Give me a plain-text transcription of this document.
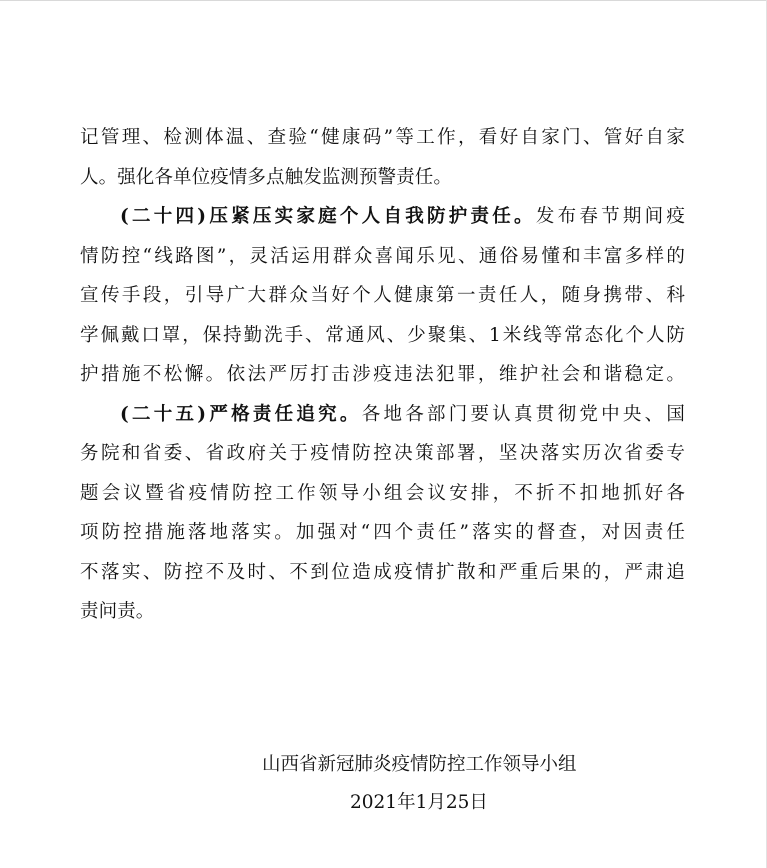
记管理、检测体温、查验“健康码”等工作，看好自家门、管好自家
人。强化各单位疫情多点触发监测预警责任。
(二十四)压紧压实家庭个人自我防护责任。发布春节期间疫
情防控“线路图”，灵活运用群众喜闻乐见、通俗易懂和丰富多样的
宣传手段，引导广大群众当好个人健康第一责任人，随身携带、科
学佩戴口罩，保持勤洗手、常通风、少聚集、1米线等常态化个人防
护措施不松懈。依法严厉打击涉疫违法犯罪，维护社会和谐稳定。
(二十五)严格责任追究。各地各部门要认真贯彻党中央、国
务院和省委、省政府关于疫情防控决策部署，坚决落实历次省委专
题会议暨省疫情防控工作领导小组会议安排，不折不扣地抓好各
项防控措施落地落实。加强对“四个责任”落实的督查，对因责任
不落实、防控不及时、不到位造成疫情扩散和严重后果的，严肃追
责问责。
山西省新冠肺炎疫情防控工作领导小组
2021年1月25日
